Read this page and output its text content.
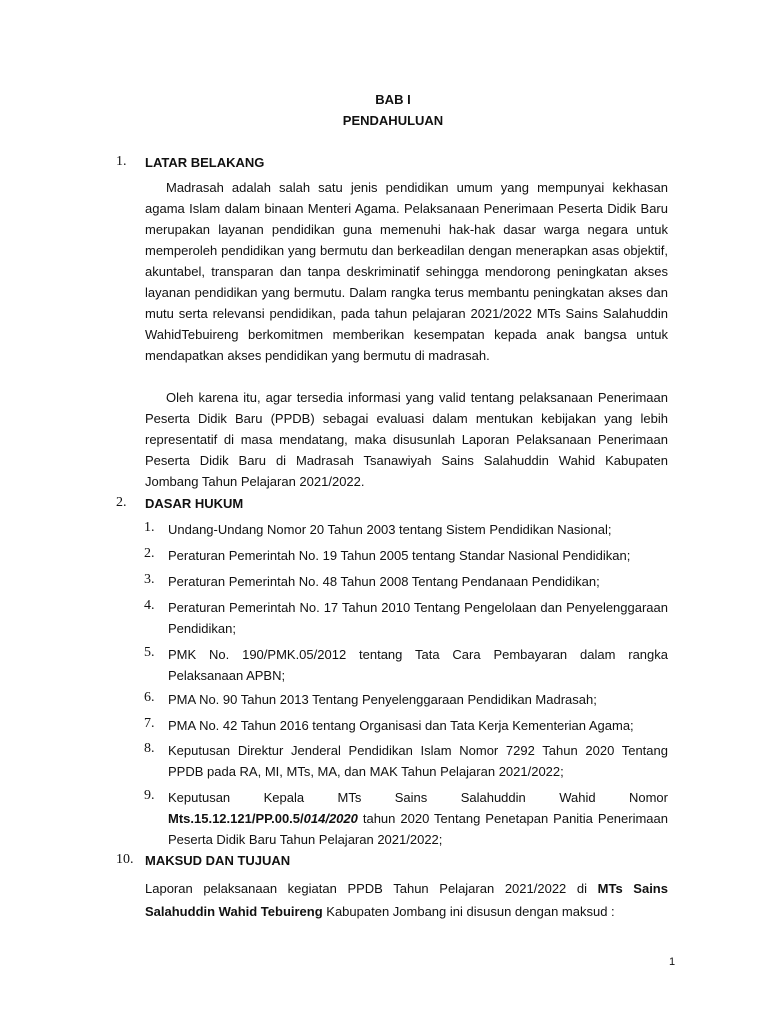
BAB I
PENDAHULUAN
1. LATAR BELAKANG

Madrasah adalah salah satu jenis pendidikan umum yang mempunyai kekhasan agama Islam dalam binaan Menteri Agama. Pelaksanaan Penerimaan Peserta Didik Baru merupakan layanan pendidikan guna memenuhi hak-hak dasar warga negara untuk memperoleh pendidikan yang bermutu dan berkeadilan dengan menerapkan asas objektif, akuntabel, transparan dan tanpa deskriminatif sehingga mendorong peningkatan akses layanan pendidikan yang bermutu. Dalam rangka terus membantu peningkatan akses dan mutu serta relevansi pendidikan, pada tahun pelajaran 2021/2022 MTs Sains Salahuddin WahidTebuireng berkomitmen memberikan kesempatan kepada anak bangsa untuk mendapatkan akses pendidikan yang bermutu di madrasah.

Oleh karena itu, agar tersedia informasi yang valid tentang pelaksanaan Penerimaan Peserta Didik Baru (PPDB) sebagai evaluasi dalam mentukan kebijakan yang lebih representatif di masa mendatang, maka disusunlah Laporan Pelaksanaan Penerimaan Peserta Didik Baru di Madrasah Tsanawiyah Sains Salahuddin Wahid Kabupaten Jombang Tahun Pelajaran 2021/2022.

2. DASAR HUKUM
1. Undang-Undang Nomor 20 Tahun 2003 tentang Sistem Pendidikan Nasional;

2. Peraturan Pemerintah No. 19 Tahun 2005 tentang Standar Nasional Pendidikan;

3. Peraturan Pemerintah No. 48 Tahun 2008 Tentang Pendanaan Pendidikan;

4. Peraturan Pemerintah No. 17 Tahun 2010 Tentang Pengelolaan dan Penyelenggaraan Pendidikan;

5. PMK No. 190/PMK.05/2012 tentang Tata Cara Pembayaran dalam rangka Pelaksanaan APBN;

6. PMA No. 90 Tahun 2013 Tentang Penyelenggaraan Pendidikan Madrasah;

7. PMA No. 42 Tahun 2016 tentang Organisasi dan Tata Kerja Kementerian Agama;

8. Keputusan Direktur Jenderal Pendidikan Islam Nomor 7292 Tahun 2020 Tentang PPDB pada RA, MI, MTs, MA, dan MAK Tahun Pelajaran 2021/2022;

9. Keputusan Kepala MTs Sains Salahuddin Wahid Nomor

Mts.15.12.121/PP.00.5/014/2020 tahun 2020 Tentang Penetapan Panitia Penerimaan Peserta Didik Baru Tahun Pelajaran 2021/2022;

10. MAKSUD DAN TUJUAN

Laporan pelaksanaan kegiatan PPDB Tahun Pelajaran 2021/2022 di MTs Sains Salahuddin Wahid Tebuireng Kabupaten Jombang ini disusun dengan maksud :

1
